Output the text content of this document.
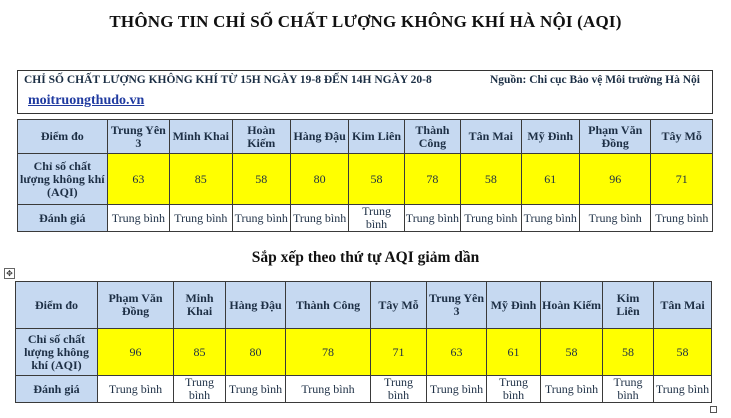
THÔNG TIN CHỈ SỐ CHẤT LƯỢNG KHÔNG KHÍ HÀ NỘI (AQI)
CHỈ SỐ CHẤT LƯỢNG KHÔNG KHÍ TỪ 15H NGÀY 19-8 ĐẾN 14H NGÀY 20-8	Nguồn: Chi cục Bảo vệ Môi trường Hà Nội
moitruongthudo.vn
Điểm đo	Trung Yên 3	Minh Khai	Hoàn Kiếm	Hàng Đậu	Kim Liên	Thành Công	Tân Mai	Mỹ Đình	Phạm Văn Đồng	Tây Mỗ
Chỉ số chất lượng không khí (AQI)	63	85	58	80	58	78	58	61	96	71
Đánh giá	Trung bình	Trung bình	Trung bình	Trung bình	Trung bình	Trung bình	Trung bình	Trung bình	Trung bình	Trung bình
Sắp xếp theo thứ tự AQI giảm dần
✥
Điểm đo	Phạm Văn Đồng	Minh Khai	Hàng Đậu	Thành Công	Tây Mỗ	Trung Yên 3	Mỹ Đình	Hoàn Kiếm	Kim Liên	Tân Mai
Chỉ số chất lượng không khí (AQI)	96	85	80	78	71	63	61	58	58	58
Đánh giá	Trung bình	Trung bình	Trung bình	Trung bình	Trung bình	Trung bình	Trung bình	Trung bình	Trung bình	Trung bình
